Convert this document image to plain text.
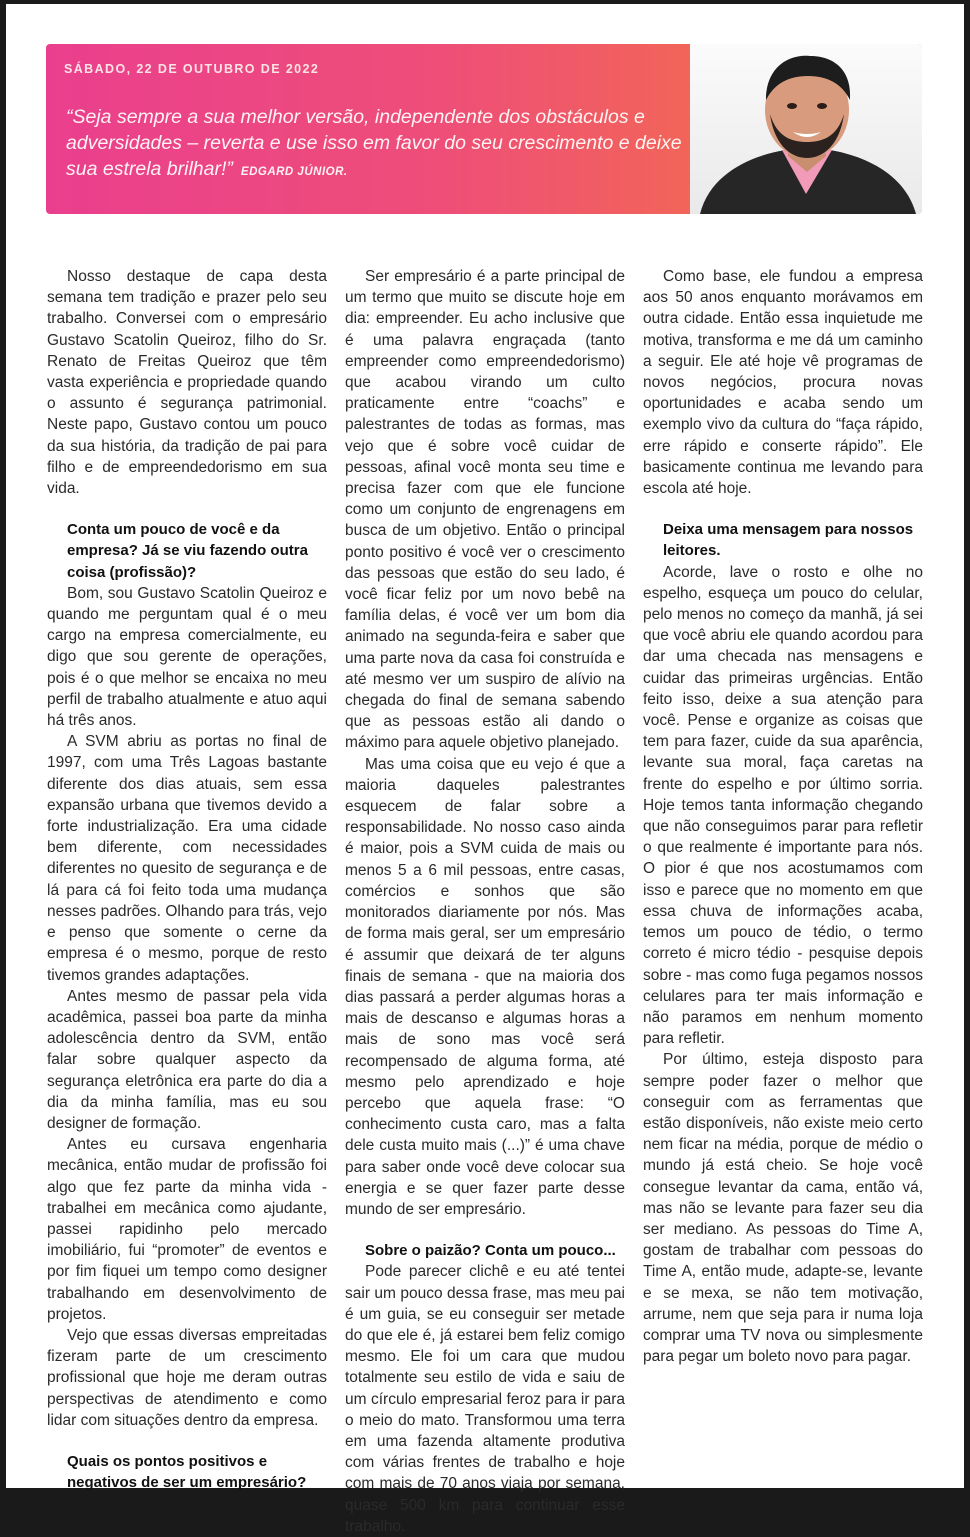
SÁBADO, 22 DE OUTUBRO DE 2022
“Seja sempre a sua melhor versão, independente dos obstáculos e adversidades – reverta e use isso em favor do seu crescimento e deixe sua estrela brilhar!” EDGARD JÚNIOR.

Nosso destaque de capa desta semana tem tradição e prazer pelo seu trabalho. Conversei com o empresário Gustavo Scatolin Queiroz, filho do Sr. Renato de Freitas Queiroz que têm vasta experiência e propriedade quando o assunto é segurança patrimonial. Neste papo, Gustavo contou um pouco da sua história, da tradição de pai para filho e de empreendedorismo em sua vida.

Conta um pouco de você e da empresa? Já se viu fazendo outra coisa (profissão)?

Bom, sou Gustavo Scatolin Queiroz e quando me perguntam qual é o meu cargo na empresa comercialmente, eu digo que sou gerente de operações, pois é o que melhor se encaixa no meu perfil de trabalho atualmente e atuo aqui há três anos.

A SVM abriu as portas no final de 1997, com uma Três Lagoas bastante diferente dos dias atuais, sem essa expansão urbana que tivemos devido a forte industrialização. Era uma cidade bem diferente, com necessidades diferentes no quesito de segurança e de lá para cá foi feito toda uma mudança nesses padrões. Olhando para trás, vejo e penso que somente o cerne da empresa é o mesmo, porque de resto tivemos grandes adaptações.

Antes mesmo de passar pela vida acadêmica, passei boa parte da minha adolescência dentro da SVM, então falar sobre qualquer aspecto da segurança eletrônica era parte do dia a dia da minha família, mas eu sou designer de formação.

Antes eu cursava engenharia mecânica, então mudar de profissão foi algo que fez parte da minha vida - trabalhei em mecânica como ajudante, passei rapidinho pelo mercado imobiliário, fui “promoter” de eventos e por fim fiquei um tempo como designer trabalhando em desenvolvimento de projetos.

Vejo que essas diversas empreitadas fizeram parte de um crescimento profissional que hoje me deram outras perspectivas de atendimento e como lidar com situações dentro da empresa.

Quais os pontos positivos e negativos de ser um empresário?

Ser empresário é a parte principal de um termo que muito se discute hoje em dia: empreender. Eu acho inclusive que é uma palavra engraçada (tanto empreender como empreendedorismo) que acabou virando um culto praticamente entre “coachs” e palestrantes de todas as formas, mas vejo que é sobre você cuidar de pessoas, afinal você monta seu time e precisa fazer com que ele funcione como um conjunto de engrenagens em busca de um objetivo. Então o principal ponto positivo é você ver o crescimento das pessoas que estão do seu lado, é você ficar feliz por um novo bebê na família delas, é você ver um bom dia animado na segunda-feira e saber que uma parte nova da casa foi construída e até mesmo ver um suspiro de alívio na chegada do final de semana sabendo que as pessoas estão ali dando o máximo para aquele objetivo planejado.

Mas uma coisa que eu vejo é que a maioria daqueles palestrantes esquecem de falar sobre a responsabilidade. No nosso caso ainda é maior, pois a SVM cuida de mais ou menos 5 a 6 mil pessoas, entre casas, comércios e sonhos que são monitorados diariamente por nós. Mas de forma mais geral, ser um empresário é assumir que deixará de ter alguns finais de semana - que na maioria dos dias passará a perder algumas horas a mais de descanso e algumas horas a mais de sono mas você será recompensado de alguma forma, até mesmo pelo aprendizado e hoje percebo que aquela frase: “O conhecimento custa caro, mas a falta dele custa muito mais (...)” é uma chave para saber onde você deve colocar sua energia e se quer fazer parte desse mundo de ser empresário.

Sobre o paizão? Conta um pouco...

Pode parecer clichê e eu até tentei sair um pouco dessa frase, mas meu pai é um guia, se eu conseguir ser metade do que ele é, já estarei bem feliz comigo mesmo. Ele foi um cara que mudou totalmente seu estilo de vida e saiu de um círculo empresarial feroz para ir para o meio do mato. Transformou uma terra em uma fazenda altamente produtiva com várias frentes de trabalho e hoje com mais de 70 anos viaja por semana, quase 500 km para continuar esse trabalho.

Como base, ele fundou a empresa aos 50 anos enquanto morávamos em outra cidade. Então essa inquietude me motiva, transforma e me dá um caminho a seguir. Ele até hoje vê programas de novos negócios, procura novas oportunidades e acaba sendo um exemplo vivo da cultura do “faça rápido, erre rápido e conserte rápido”. Ele basicamente continua me levando para escola até hoje.

Deixa uma mensagem para nossos leitores.

Acorde, lave o rosto e olhe no espelho, esqueça um pouco do celular, pelo menos no começo da manhã, já sei que você abriu ele quando acordou para dar uma checada nas mensagens e cuidar das primeiras urgências. Então feito isso, deixe a sua atenção para você. Pense e organize as coisas que tem para fazer, cuide da sua aparência, levante sua moral, faça caretas na frente do espelho e por último sorria. Hoje temos tanta informação chegando que não conseguimos parar para refletir o que realmente é importante para nós. O pior é que nos acostumamos com isso e parece que no momento em que essa chuva de informações acaba, temos um pouco de tédio, o termo correto é micro tédio - pesquise depois sobre - mas como fuga pegamos nossos celulares para ter mais informação e não paramos em nenhum momento para refletir.

Por último, esteja disposto para sempre poder fazer o melhor que conseguir com as ferramentas que estão disponíveis, não existe meio certo nem ficar na média, porque de médio o mundo já está cheio. Se hoje você consegue levantar da cama, então vá, mas não se levante para fazer seu dia ser mediano. As pessoas do Time A, gostam de trabalhar com pessoas do Time A, então mude, adapte-se, levante e se mexa, se não tem motivação, arrume, nem que seja para ir numa loja comprar uma TV nova ou simplesmente para pegar um boleto novo para pagar.
